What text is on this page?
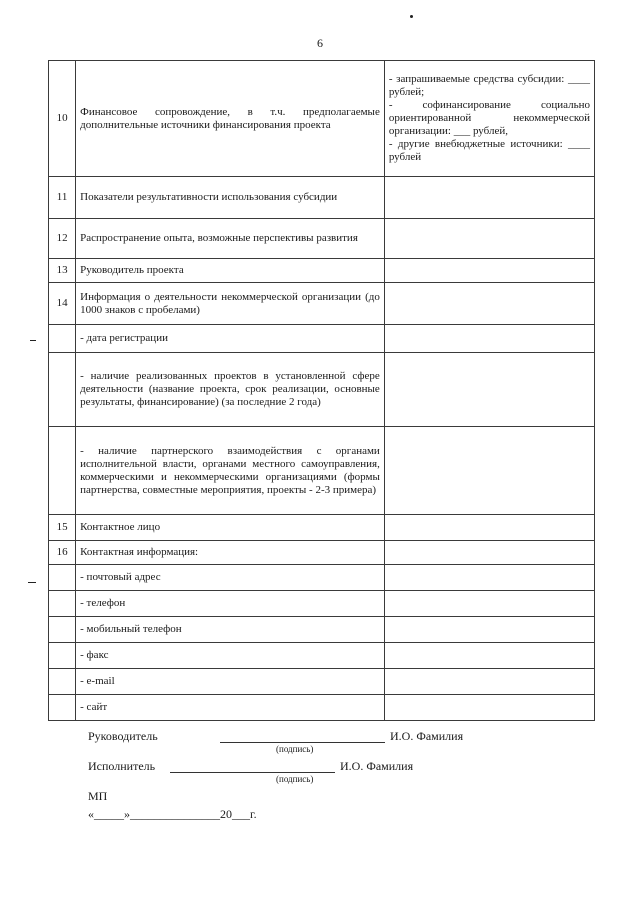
6
10	Финансовое сопровождение, в т.ч. предполагаемые дополнительные источники финансирования проекта	- запрашиваемые средства субсидии: ____ рублей;
- софинансирование социально ориентированной некоммерческой организации: ___ рублей,
- другие внебюджетные источники: ____ рублей

11	Показатели результативности использования субсидии	
12	Распространение опыта, возможные перспективы развития	
13	Руководитель проекта	
14	Информация о деятельности некоммерческой организации (до 1000 знаков с пробелами)	
	- дата регистрации	
	- наличие реализованных проектов в установленной сфере деятельности (название проекта, срок реализации, основные результаты, финансирование) (за последние 2 года)	
	- наличие партнерского взаимодействия с органами исполнительной власти, органами местного самоуправления, коммерческими и некоммерческими организациями (формы партнерства, совместные мероприятия, проекты - 2-3 примера)	
15	Контактное лицо	
16	Контактная информация:	
	- почтовый адрес	
	- телефон	
	- мобильный телефон	
	- факс	
	- e-mail	
	- сайт	
Руководитель	И.О. Фамилия
(подпись)
Исполнитель	И.О. Фамилия
(подпись)
МП
«_____»_______________20___г.
